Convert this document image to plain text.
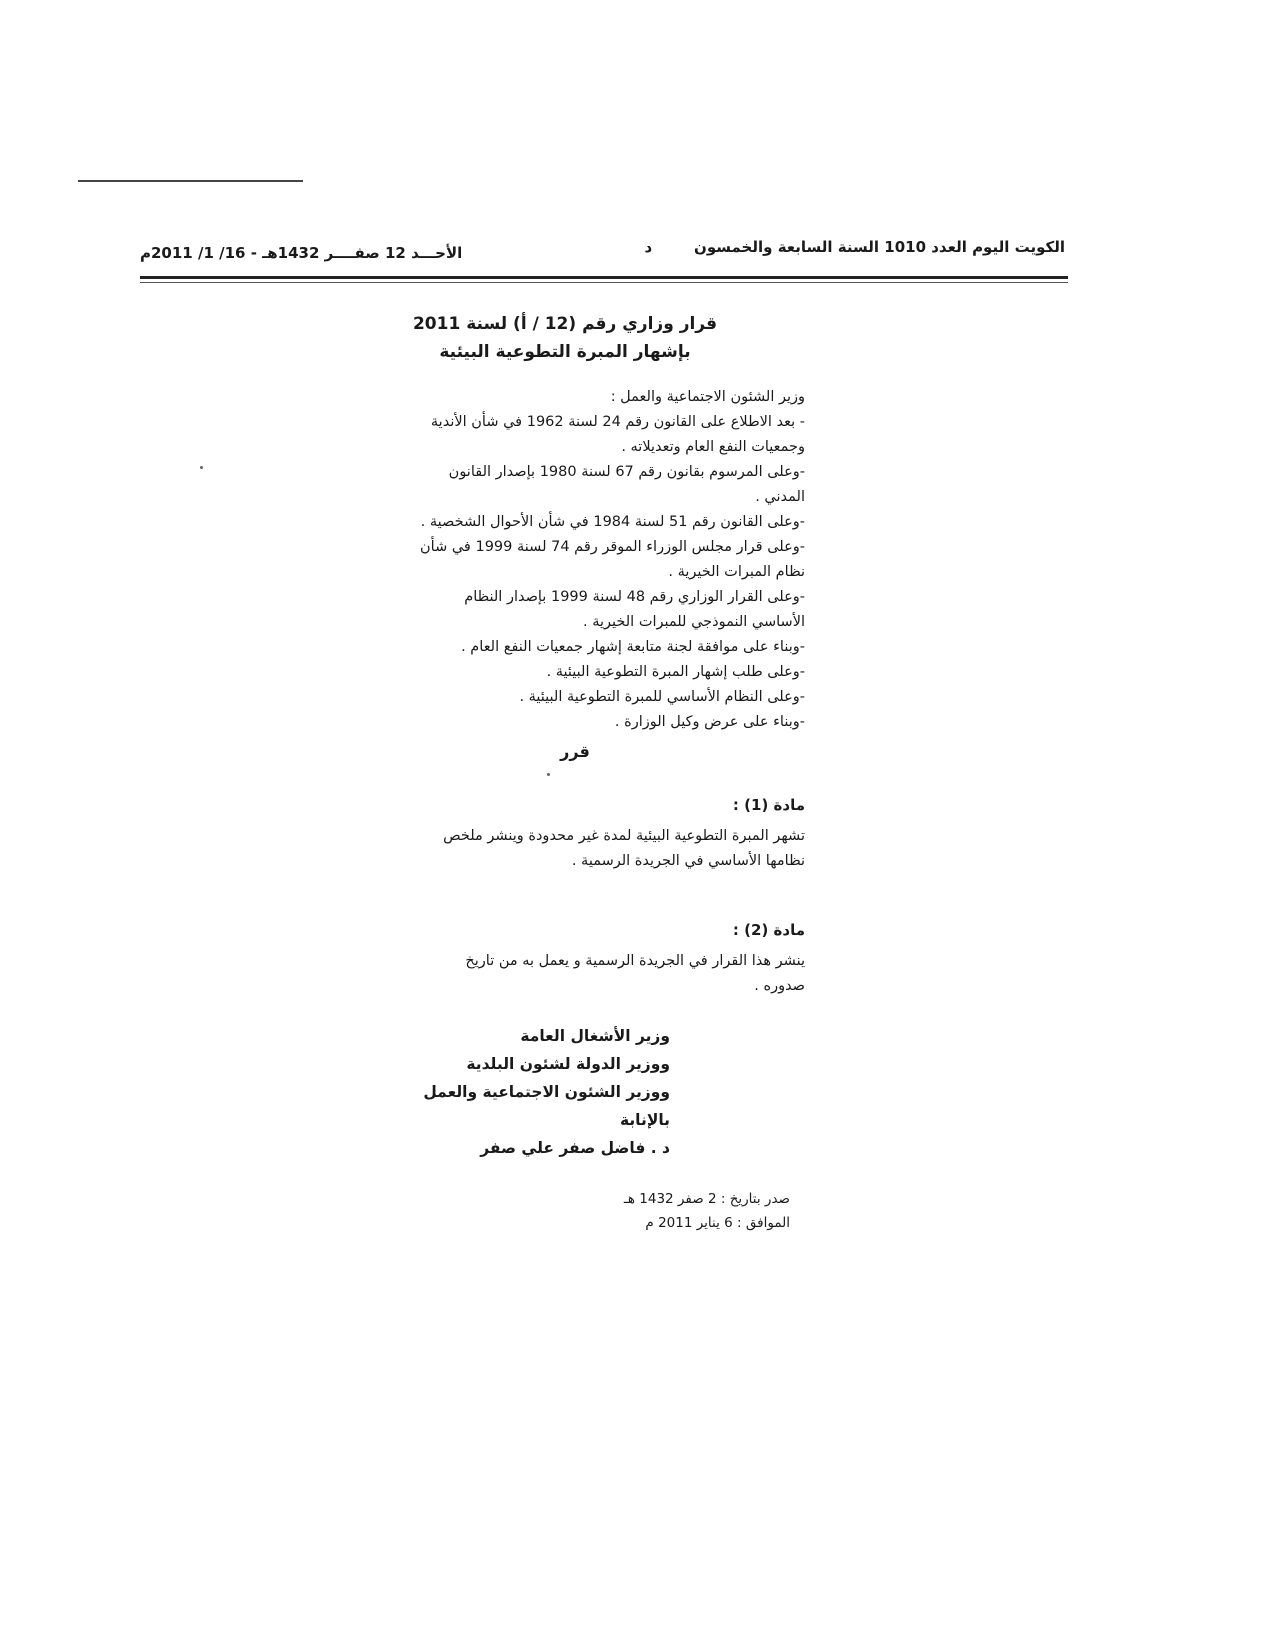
الكويت اليوم العدد 1010 السنة السابعة والخمسون        د
الأحـــد 12 صفــــر 1432هـ - 16/ 1/ 2011م
قرار وزاري رقم (12 / أ) لسنة 2011
بإشهار المبرة التطوعية البيئية
وزير الشئون الاجتماعية والعمل :
- بعد الاطلاع على القانون رقم 24 لسنة 1962 في شأن الأندية
وجمعيات النفع العام وتعديلاته .
-وعلى المرسوم بقانون رقم 67 لسنة 1980 بإصدار القانون
المدني .
-وعلى القانون رقم 51 لسنة 1984 في شأن الأحوال الشخصية .
-وعلى قرار مجلس الوزراء الموقر رقم 74 لسنة 1999 في شأن
نظام المبرات الخيرية .
-وعلى القرار الوزاري رقم 48 لسنة 1999 بإصدار النظام
الأساسي النموذجي للمبرات الخيرية .
-وبناء على موافقة لجنة متابعة إشهار جمعيات النفع العام .
-وعلى طلب إشهار المبرة التطوعية البيئية .
-وعلى النظام الأساسي للمبرة التطوعية البيئية .
-وبناء على عرض وكيل الوزارة .
قرر
مادة (1) :
تشهر المبرة التطوعية البيئية لمدة غير محدودة وينشر ملخص
نظامها الأساسي في الجريدة الرسمية .
مادة (2) :
ينشر هذا القرار في الجريدة الرسمية و يعمل به من تاريخ
صدوره .
وزير الأشغال العامة
ووزير الدولة لشئون البلدية
ووزير الشئون الاجتماعية والعمل بالإنابة
د . فاضل صفر علي صفر
صدر بتاريخ : 2 صفر 1432 هـ
الموافق : 6 يناير 2011 م
